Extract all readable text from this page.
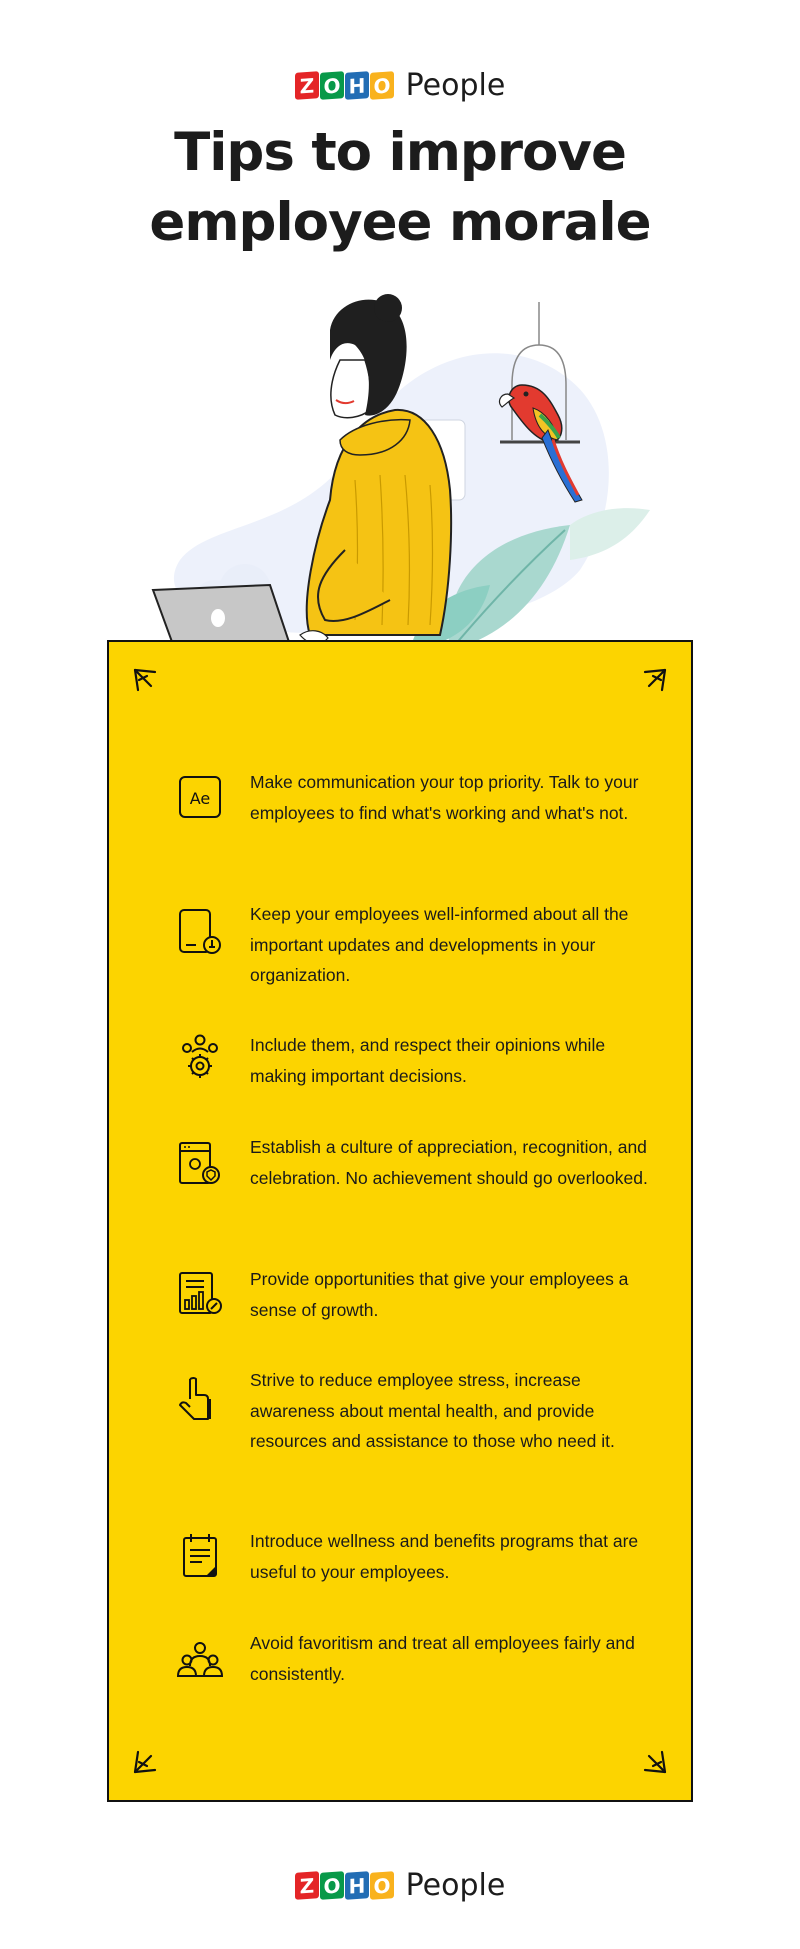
Z O H O People
Tips to improve
employee morale
Ae
Make communication your top priority. Talk to your employees to find what's working and what's not.
Keep your employees well-informed about all the important updates and developments in your organization.
Include them, and respect their opinions while making important decisions.
Establish a culture of appreciation, recognition, and celebration. No achievement should go overlooked.
Provide opportunities that give your employees a sense of growth.
Strive to reduce employee stress, increase awareness about mental health, and provide resources and assistance to those who need it.
Introduce wellness and benefits programs that are useful to your employees.
Avoid favoritism and treat all employees fairly and consistently.
Z O H O People
